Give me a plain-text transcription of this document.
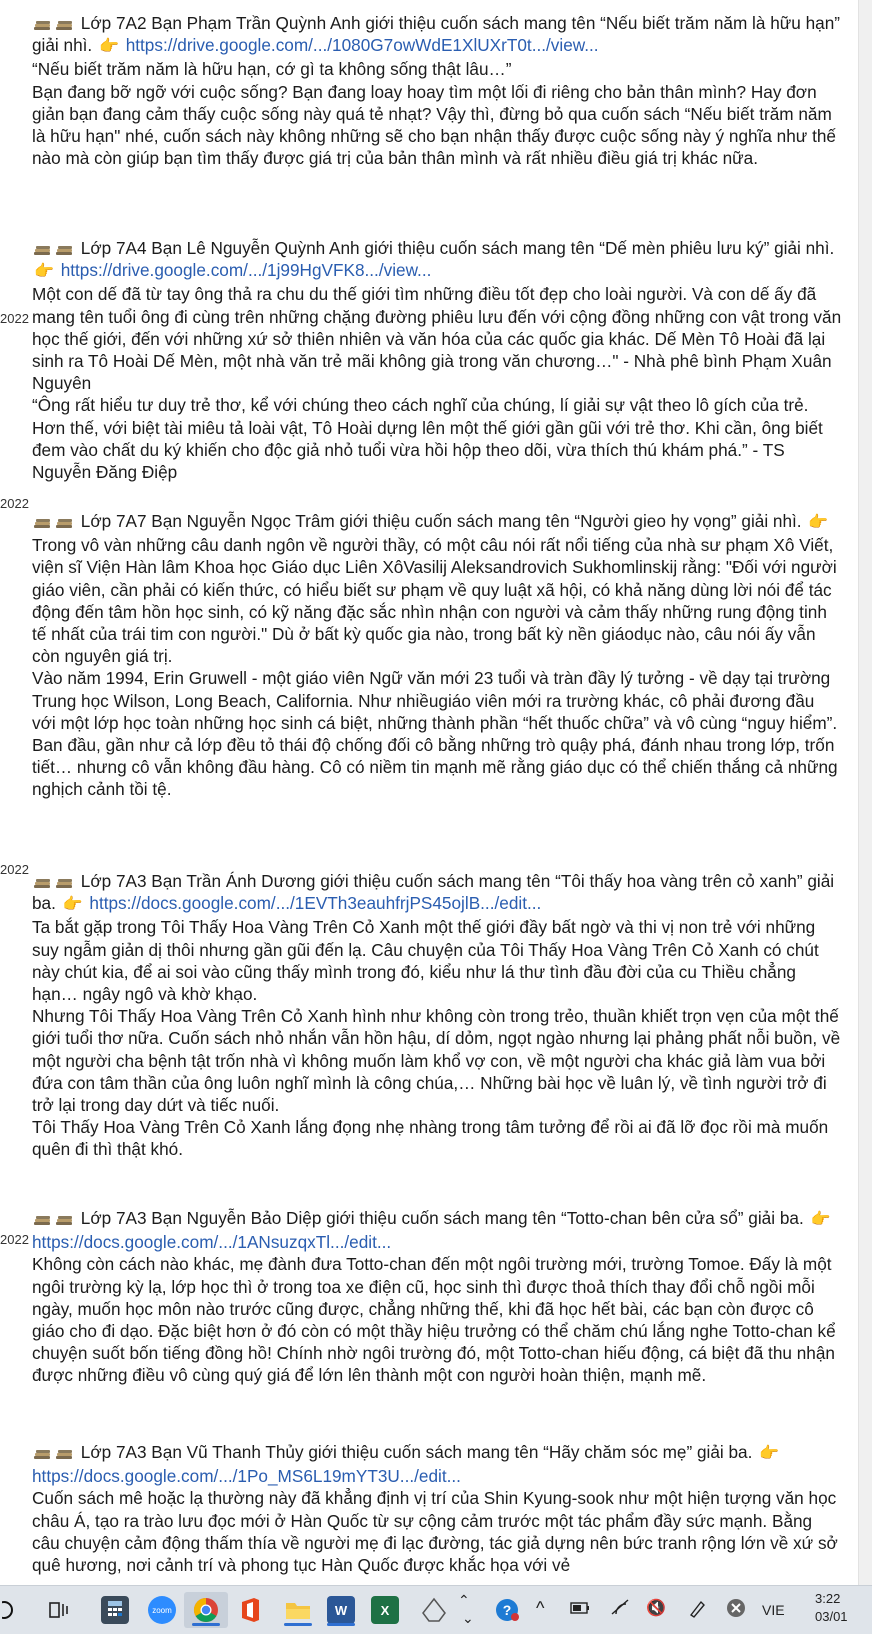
2022
2022
2022
2022

Lớp 7A2 Bạn Phạm Trần Quỳnh Anh giới thiệu cuốn sách mang tên “Nếu biết trăm năm là hữu hạn” giải nhì. 👉 https://drive.google.com/.../1080G7owWdE1XlUXrT0t.../view...

“Nếu biết trăm năm là hữu hạn, cớ gì ta không sống thật lâu…”

Bạn đang bỡ ngỡ với cuộc sống? Bạn đang loay hoay tìm một lối đi riêng cho bản thân mình? Hay đơn giản bạn đang cảm thấy cuộc sống này quá tẻ nhạt? Vậy thì, đừng bỏ qua cuốn sách “Nếu biết trăm năm là hữu hạn" nhé, cuốn sách này không những sẽ cho bạn nhận thấy được cuộc sống này ý nghĩa như thế nào mà còn giúp bạn tìm thấy được giá trị của bản thân mình và rất nhiều điều giá trị khác nữa.

Lớp 7A4 Bạn Lê Nguyễn Quỳnh Anh giới thiệu cuốn sách mang tên “Dế mèn phiêu lưu ký” giải nhì. 👉 https://drive.google.com/.../1j99HgVFK8.../view...

Một con dế đã từ tay ông thả ra chu du thế giới tìm những điều tốt đẹp cho loài người. Và con dế ấy đã mang tên tuổi ông đi cùng trên những chặng đường phiêu lưu đến với cộng đồng những con vật trong văn học thế giới, đến với những xứ sở thiên nhiên và văn hóa của các quốc gia khác. Dế Mèn Tô Hoài đã lại sinh ra Tô Hoài Dế Mèn, một nhà văn trẻ mãi không già trong văn chương…" - Nhà phê bình Phạm Xuân Nguyên

“Ông rất hiểu tư duy trẻ thơ, kể với chúng theo cách nghĩ của chúng, lí giải sự vật theo lô gích của trẻ. Hơn thế, với biệt tài miêu tả loài vật, Tô Hoài dựng lên một thế giới gần gũi với trẻ thơ. Khi cần, ông biết đem vào chất du ký khiến cho độc giả nhỏ tuổi vừa hồi hộp theo dõi, vừa thích thú khám phá.” - TS Nguyễn Đăng Điệp

Lớp 7A7 Bạn Nguyễn Ngọc Trâm giới thiệu cuốn sách mang tên “Người gieo hy vọng” giải nhì. 👉

Trong vô vàn những câu danh ngôn về người thầy, có một câu nói rất nổi tiếng của nhà sư phạm Xô Viết, viện sĩ Viện Hàn lâm Khoa học Giáo dục Liên XôVasilij Aleksandrovich Sukhomlinskij rằng: "Đối với người giáo viên, cần phải có kiến thức, có hiểu biết sư phạm về quy luật xã hội, có khả năng dùng lời nói để tác động đến tâm hồn học sinh, có kỹ năng đặc sắc nhìn nhận con người và cảm thấy những rung động tinh tế nhất của trái tim con người." Dù ở bất kỳ quốc gia nào, trong bất kỳ nền giáodục nào, câu nói ấy vẫn còn nguyên giá trị.

Vào năm 1994, Erin Gruwell - một giáo viên Ngữ văn mới 23 tuổi và tràn đầy lý tưởng - về dạy tại trường Trung học Wilson, Long Beach, California. Như nhiềugiáo viên mới ra trường khác, cô phải đương đầu với một lớp học toàn những học sinh cá biệt, những thành phần “hết thuốc chữa” và vô cùng “nguy hiểm”. Ban đầu, gần như cả lớp đều tỏ thái độ chống đối cô bằng những trò quậy phá, đánh nhau trong lớp, trốn tiết… nhưng cô vẫn không đầu hàng. Cô có niềm tin mạnh mẽ rằng giáo dục có thể chiến thắng cả những nghịch cảnh tồi tệ.

Lớp 7A3 Bạn Trần Ánh Dương giới thiệu cuốn sách mang tên “Tôi thấy hoa vàng trên cỏ xanh” giải ba. 👉 https://docs.google.com/.../1EVTh3eauhfrjPS45ojlB.../edit...

Ta bắt gặp trong Tôi Thấy Hoa Vàng Trên Cỏ Xanh một thế giới đầy bất ngờ và thi vị non trẻ với những suy ngẫm giản dị thôi nhưng gần gũi đến lạ. Câu chuyện của Tôi Thấy Hoa Vàng Trên Cỏ Xanh có chút này chút kia, để ai soi vào cũng thấy mình trong đó, kiểu như lá thư tình đầu đời của cu Thiều chẳng hạn… ngây ngô và khờ khạo.

Nhưng Tôi Thấy Hoa Vàng Trên Cỏ Xanh hình như không còn trong trẻo, thuần khiết trọn vẹn của một thế giới tuổi thơ nữa. Cuốn sách nhỏ nhắn vẫn hồn hậu, dí dỏm, ngọt ngào nhưng lại phảng phất nỗi buồn, về một người cha bệnh tật trốn nhà vì không muốn làm khổ vợ con, về một người cha khác giả làm vua bởi đứa con tâm thần của ông luôn nghĩ mình là công chúa,… Những bài học về luân lý, về tình người trở đi trở lại trong day dứt và tiếc nuối.

Tôi Thấy Hoa Vàng Trên Cỏ Xanh lắng đọng nhẹ nhàng trong tâm tưởng để rồi ai đã lỡ đọc rồi mà muốn quên đi thì thật khó.

Lớp 7A3 Bạn Nguyễn Bảo Diệp giới thiệu cuốn sách mang tên “Totto-chan bên cửa sổ” giải ba. 👉 https://docs.google.com/.../1ANsuzqxTl.../edit...

Không còn cách nào khác, mẹ đành đưa Totto-chan đến một ngôi trường mới, trường Tomoe. Đấy là một ngôi trường kỳ lạ, lớp học thì ở trong toa xe điện cũ, học sinh thì được thoả thích thay đổi chỗ ngồi mỗi ngày, muốn học môn nào trước cũng được, chẳng những thế, khi đã học hết bài, các bạn còn được cô giáo cho đi dạo. Đặc biệt hơn ở đó còn có một thầy hiệu trưởng có thể chăm chú lắng nghe Totto-chan kể chuyện suốt bốn tiếng đồng hồ! Chính nhờ ngôi trường đó, một Totto-chan hiếu động, cá biệt đã thu nhận được những điều vô cùng quý giá để lớn lên thành một con người hoàn thiện, mạnh mẽ.

Lớp 7A3 Bạn Vũ Thanh Thủy giới thiệu cuốn sách mang tên “Hãy chăm sóc mẹ” giải ba. 👉 https://docs.google.com/.../1Po_MS6L19mYT3U.../edit...

Cuốn sách mê hoặc lạ thường này đã khẳng định vị trí của Shin Kyung-sook như một hiện tượng văn học châu Á, tạo ra trào lưu đọc mới ở Hàn Quốc từ sự cộng cảm trước một tác phẩm đầy sức mạnh. Bằng câu chuyện cảm động thấm thía về người mẹ đi lạc đường, tác giả dựng nên bức tranh rộng lớn về xứ sở quê hương, nơi cảnh trí và phong tục Hàn Quốc được khắc họa với vẻ

zoom	W	X
⌃
⌄ ? ^	🔇	VIE
3:22
03/01
